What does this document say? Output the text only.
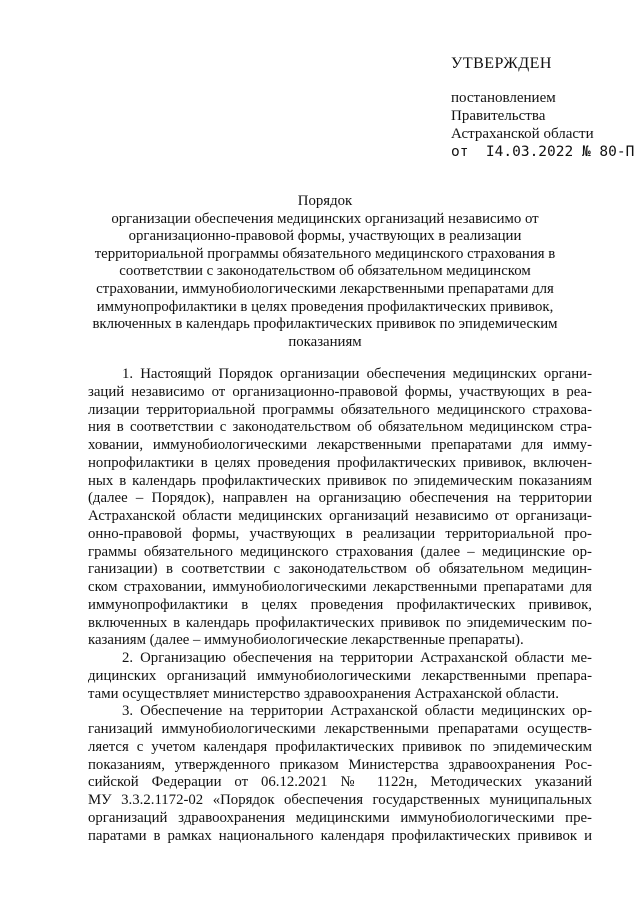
УТВЕРЖДЕН
постановлением
Правительства
Астраханской области
от  I4.03.2022 № 80-П
Порядок
организации обеспечения медицинских организаций независимо от
организационно-правовой формы, участвующих в реализации
территориальной программы обязательного медицинского страхования в
соответствии с законодательством об обязательном медицинском
страховании, иммунобиологическими лекарственными препаратами для
иммунопрофилактики в целях проведения профилактических прививок,
включенных в календарь профилактических прививок по эпидемическим
показаниям
1. Настоящий Порядок организации обеспечения медицинских органи-
заций независимо от организационно-правовой формы, участвующих в реа-
лизации территориальной программы обязательного медицинского страхова-
ния в соответствии с законодательством об обязательном медицинском стра-
ховании, иммунобиологическими лекарственными препаратами для имму-
нопрофилактики в целях проведения профилактических прививок, включен-
ных в календарь профилактических прививок по эпидемическим показаниям
(далее – Порядок), направлен на организацию обеспечения на территории
Астраханской области медицинских организаций независимо от организаци-
онно-правовой формы, участвующих в реализации территориальной про-
граммы обязательного медицинского страхования (далее – медицинские ор-
ганизации) в соответствии с законодательством об обязательном медицин-
ском страховании, иммунобиологическими лекарственными препаратами для
иммунопрофилактики в целях проведения профилактических прививок,
включенных в календарь профилактических прививок по эпидемическим по-
казаниям (далее – иммунобиологические лекарственные препараты).
2. Организацию обеспечения на территории Астраханской области ме-
дицинских организаций иммунобиологическими лекарственными препара-
тами осуществляет министерство здравоохранения Астраханской области.
3. Обеспечение на территории Астраханской области медицинских ор-
ганизаций иммунобиологическими лекарственными препаратами осуществ-
ляется с учетом календаря профилактических прививок по эпидемическим
показаниям, утвержденного приказом Министерства здравоохранения Рос-
сийской Федерации от 06.12.2021 № 1122н, Методических указаний
МУ 3.3.2.1172-02 «Порядок обеспечения государственных муниципальных
организаций здравоохранения медицинскими иммунобиологическими пре-
паратами в рамках национального календаря профилактических прививок и
